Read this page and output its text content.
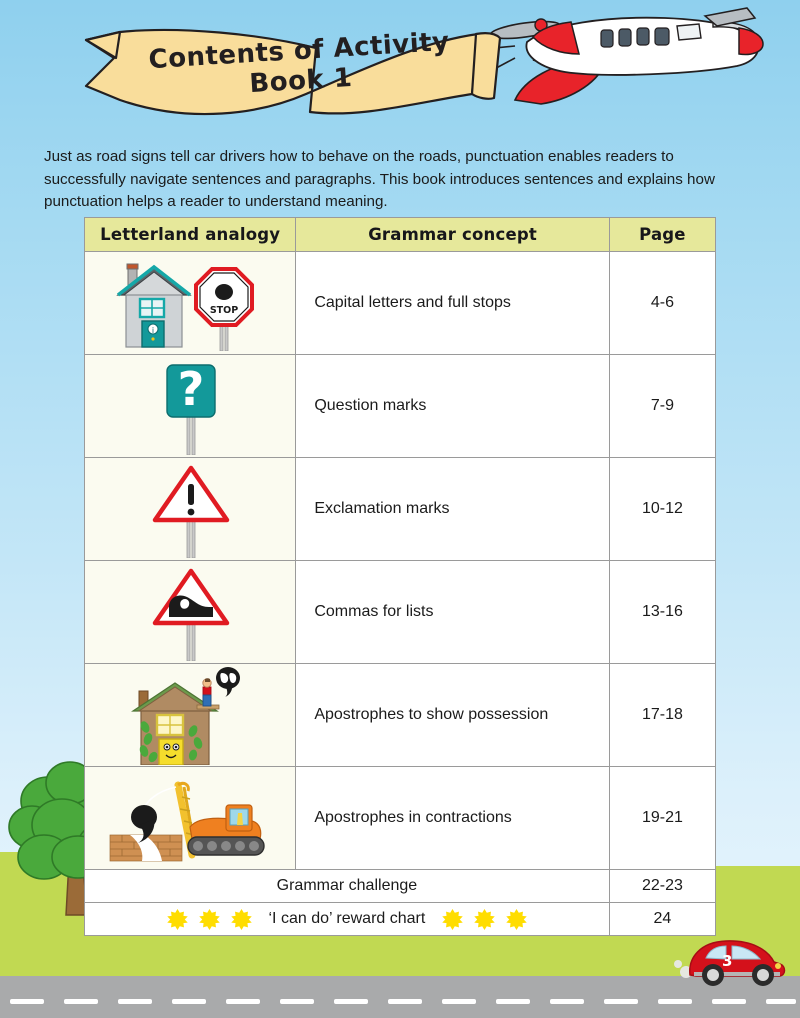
3
Contents of Activity Book 1

Just as road signs tell car drivers how to behave on the roads, punctuation enables readers to successfully navigate sentences and paragraphs. This book introduces sentences and explains how punctuation helps a reader to understand meaning.

Letterland analogy	Grammar concept	Page

i
STOP	Capital letters and full stops	4-6

?	Question marks	7-9

	Exclamation marks	10-12

	Commas for lists	13-16

	Apostrophes to show possession	17-18

	Apostrophes in contractions	19-21
Grammar challenge		22-23

‘I can do’ reward chart		24
